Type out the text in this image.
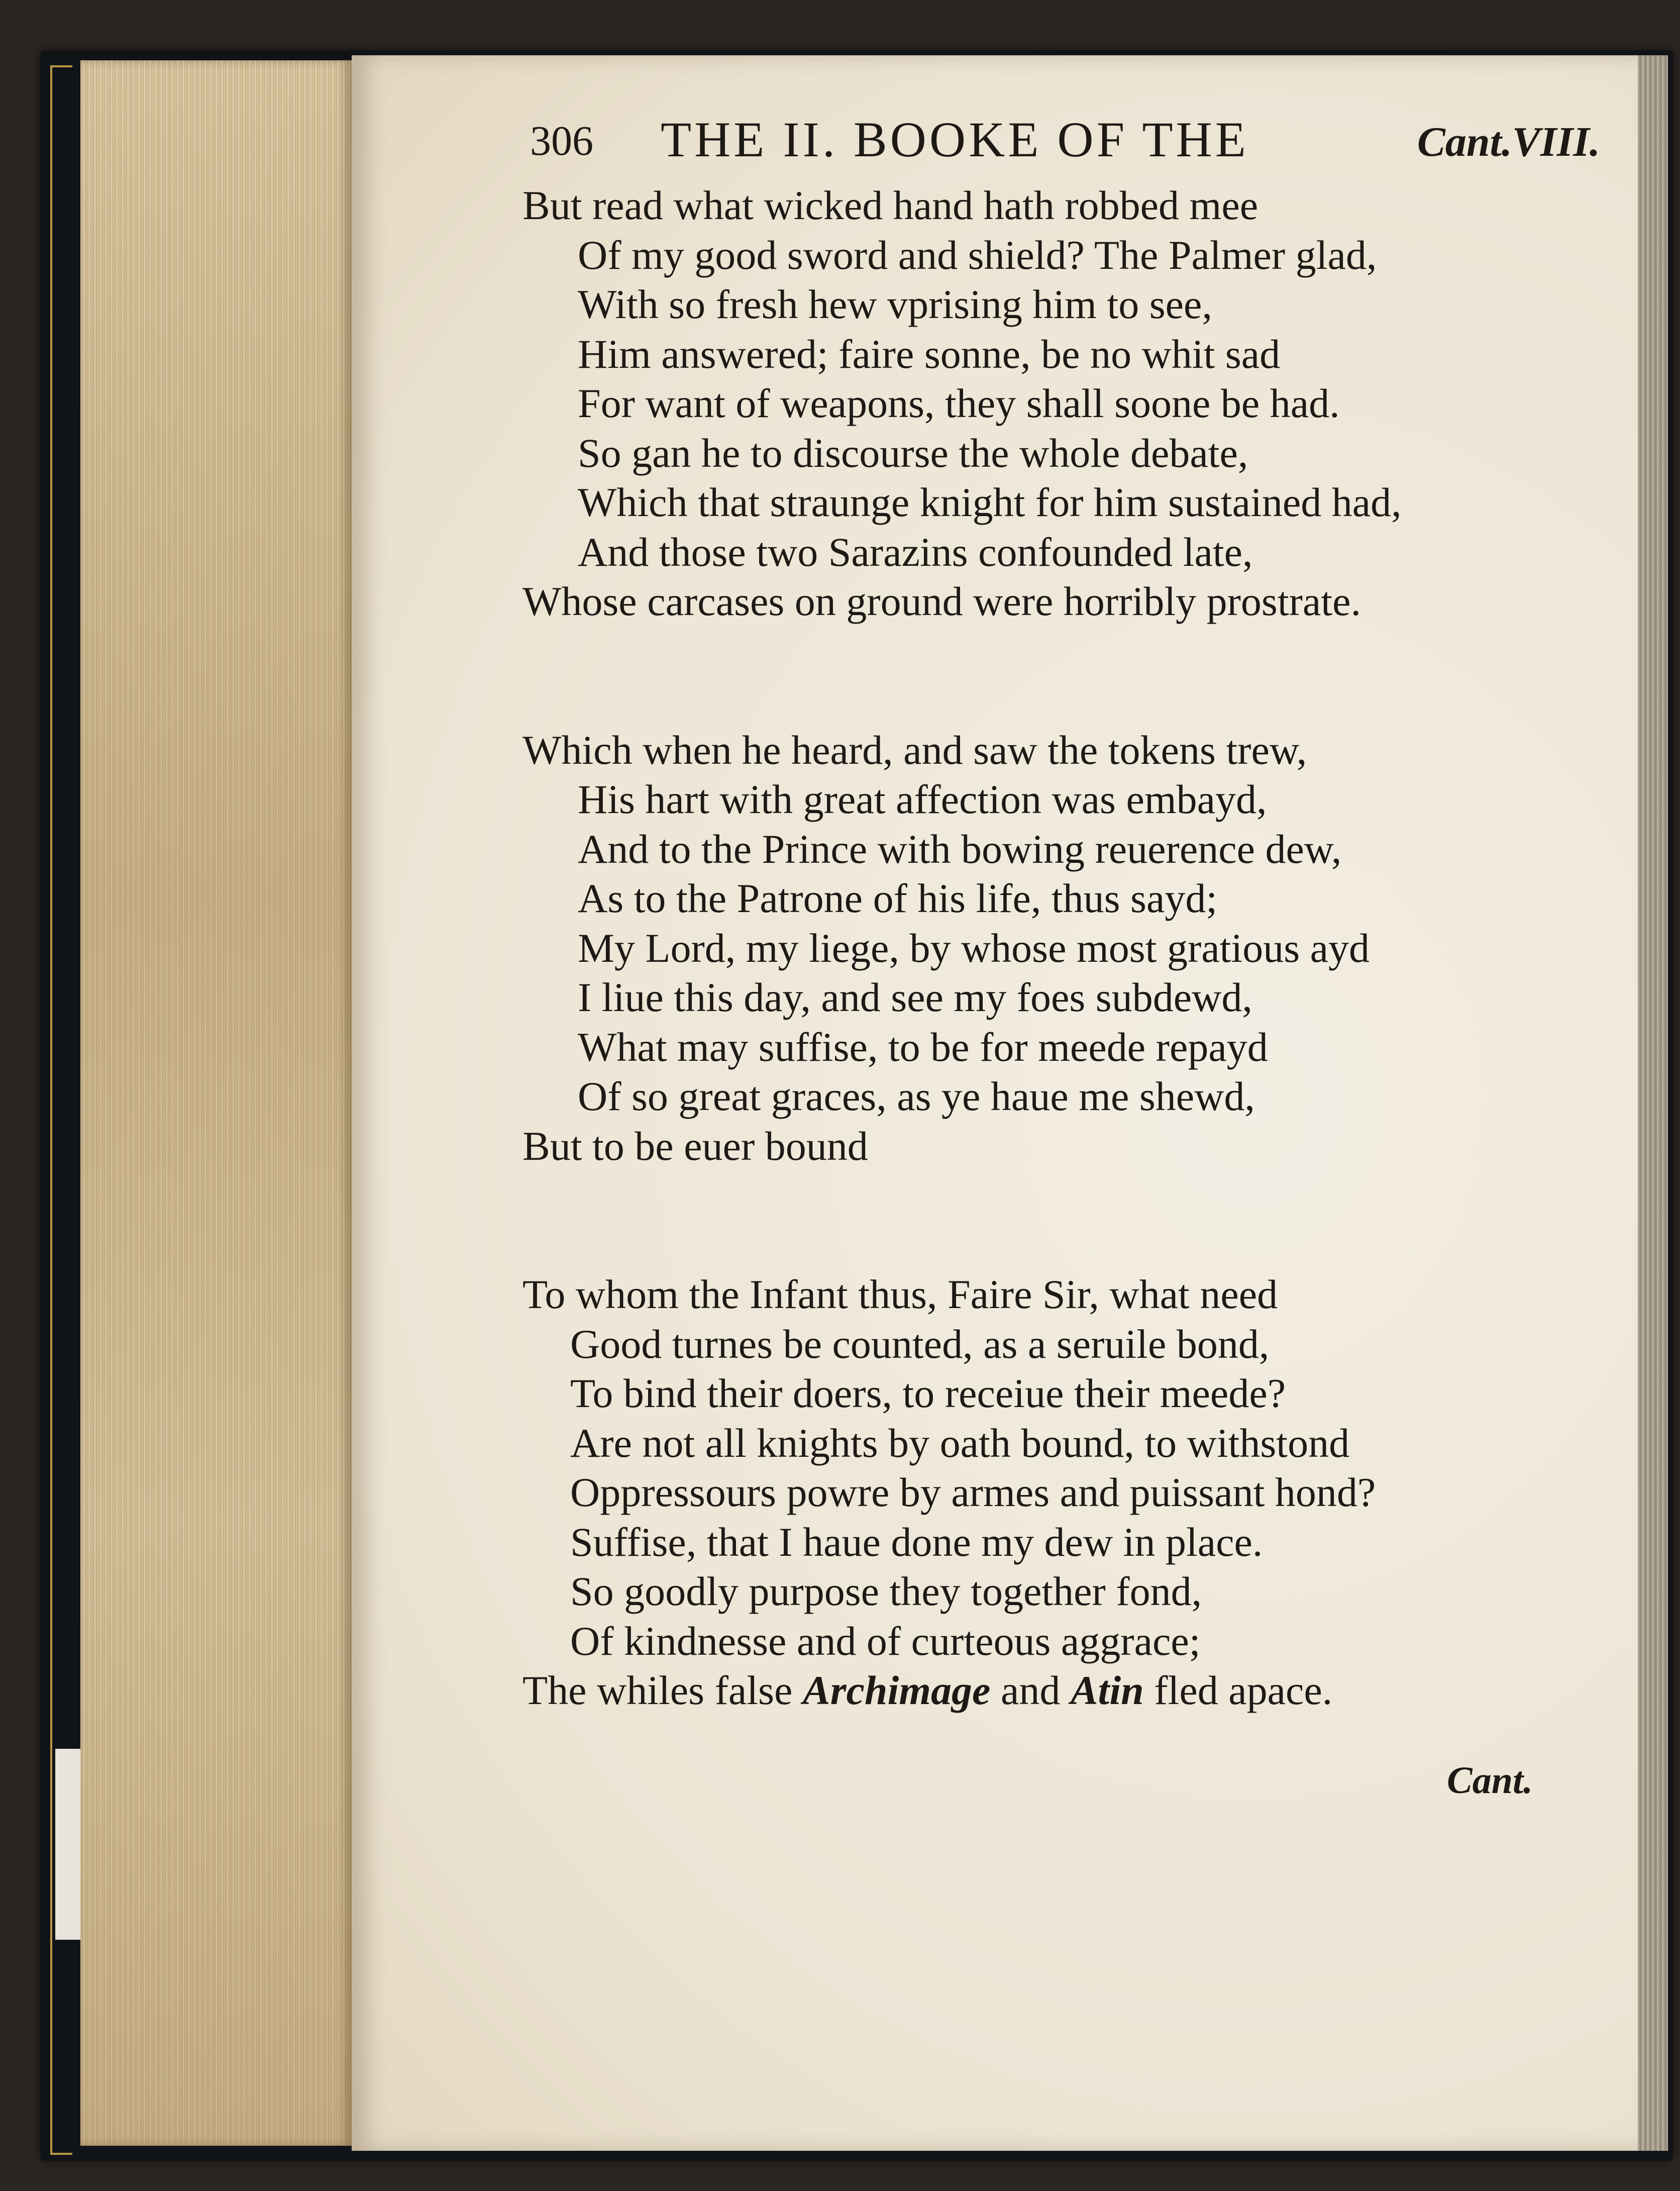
306 THE II. BOOKE OF THE	Cant.VIII.
But read what wicked hand hath robbed mee
Of my good sword and shield? The Palmer glad,
With so fresh hew vprising him to see,
Him answered; faire sonne, be no whit sad
For want of weapons, they shall soone be had.
So gan he to discourse the whole debate,
Which that straunge knight for him sustained had,
And those two Sarazins confounded late,
Whose carcases on ground were horribly prostrate.
Which when he heard, and saw the tokens trew,
His hart with great affection was embayd,
And to the Prince with bowing reuerence dew,
As to the Patrone of his life, thus sayd;
My Lord, my liege, by whose most gratious ayd
I liue this day, and see my foes subdewd,
What may suffise, to be for meede repayd
Of so great graces, as ye haue me shewd,
But to be euer bound
To whom the Infant thus, Faire Sir, what need
Good turnes be counted, as a seruile bond,
To bind their doers, to receiue their meede?
Are not all knights by oath bound, to withstond
Oppressours powre by armes and puissant hond?
Suffise, that I haue done my dew in place.
So goodly purpose they together fond,
Of kindnesse and of curteous aggrace;
The whiles false Archimage and Atin fled apace.
Cant.
